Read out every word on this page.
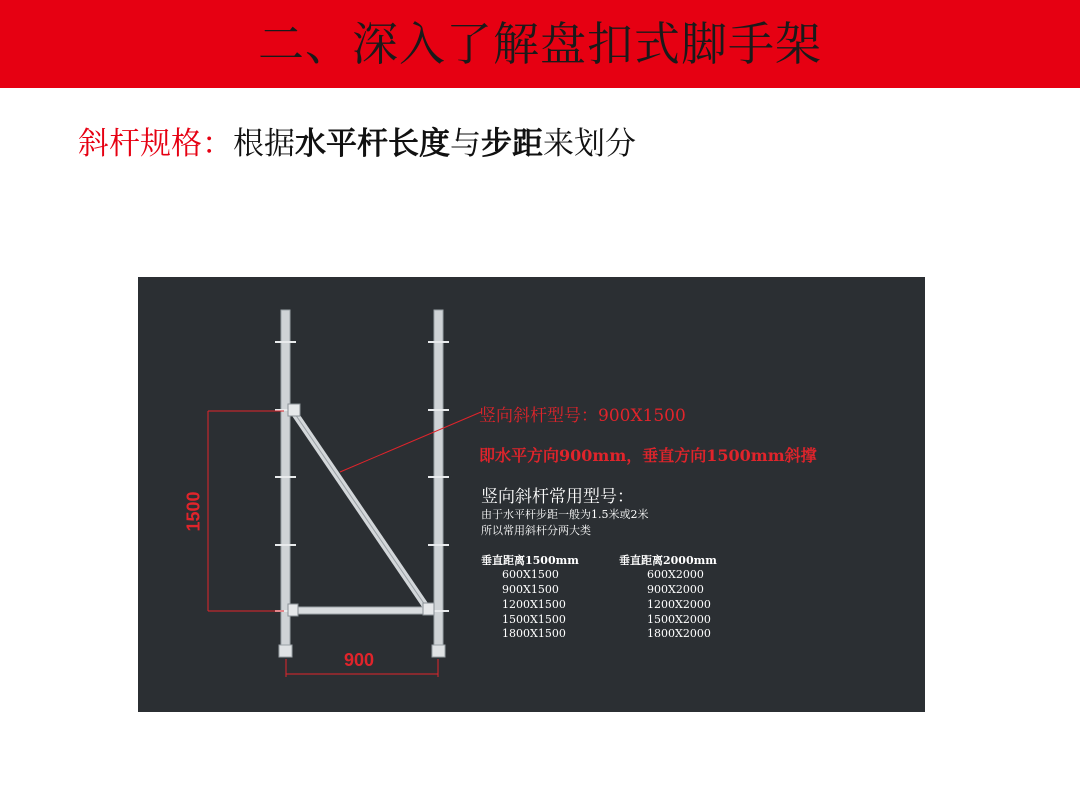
二、深入了解盘扣式脚手架
斜杆规格：根据水平杆长度与步距来划分
1500
900
竖向斜杆型号：900X1500
即水平方向900mm，垂直方向1500mm斜撑
竖向斜杆常用型号：
由于水平杆步距一般为1.5米或2米
所以常用斜杆分两大类
垂直距离1500mm	垂直距离2000mm
600X1500
900X1500
1200X1500
1500X1500
1800X1500
600X2000
900X2000
1200X2000
1500X2000
1800X2000
